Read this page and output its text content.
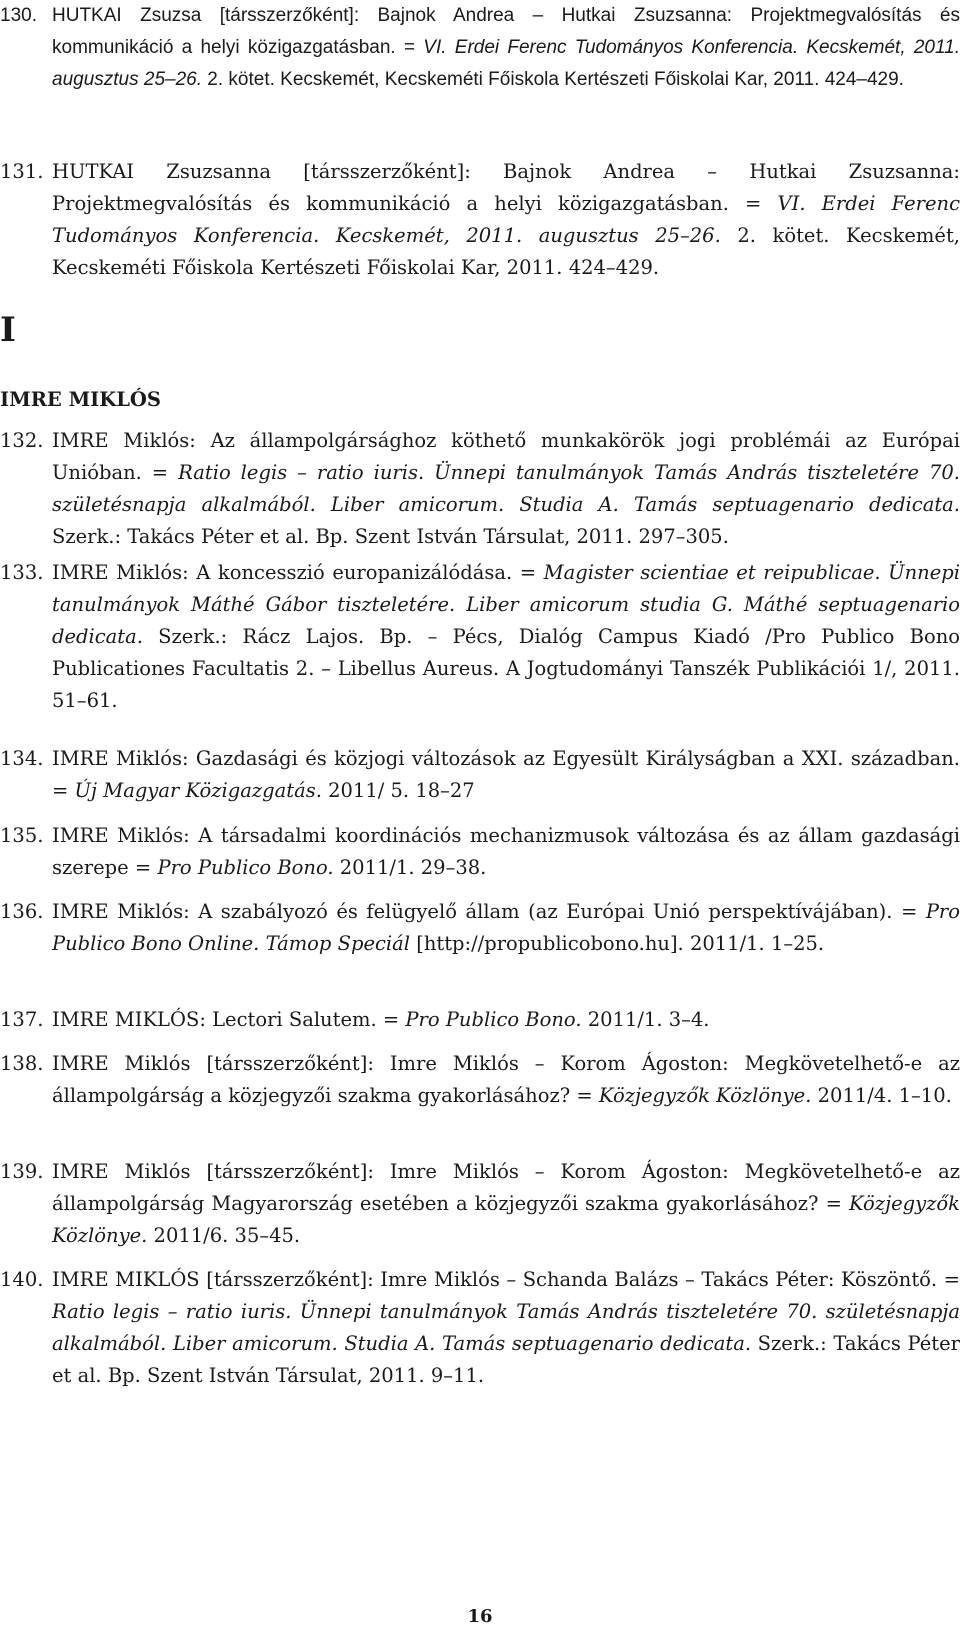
130. HUTKAI Zsuzsa [társszerzőként]: Bajnok Andrea – Hutkai Zsuzsanna: Projektmegvalósítás és kommunikáció a helyi közigazgatásban. = VI. Erdei Ferenc Tudományos Konferencia. Kecskemét, 2011. augusztus 25–26. 2. kötet. Kecskemét, Kecskeméti Főiskola Kertészeti Főiskolai Kar, 2011. 424–429.
131. HUTKAI Zsuzsanna [társszerzőként]: Bajnok Andrea – Hutkai Zsuzsanna: Projektmegvalósítás és kommunikáció a helyi közigazgatásban. = VI. Erdei Ferenc Tudományos Konferencia. Kecskemét, 2011. augusztus 25–26. 2. kötet. Kecskemét, Kecskeméti Főiskola Kertészeti Főiskolai Kar, 2011. 424–429.
I
IMRE MIKLÓS
132. IMRE Miklós: Az állampolgársághoz köthető munkakörök jogi problémái az Európai Unióban. = Ratio legis – ratio iuris. Ünnepi tanulmányok Tamás András tiszteletére 70. születésnapja alkalmából. Liber amicorum. Studia A. Tamás septuagenario dedicata. Szerk.: Takács Péter et al. Bp. Szent István Társulat, 2011. 297–305.
133. IMRE Miklós: A koncesszió europanizálódása. = Magister scientiae et reipublicae. Ünnepi tanulmányok Máthé Gábor tiszteletére. Liber amicorum studia G. Máthé septuagenario dedicata. Szerk.: Rácz Lajos. Bp. – Pécs, Dialóg Campus Kiadó /Pro Publico Bono Publicationes Facultatis 2. – Libellus Aureus. A Jogtudományi Tanszék Publikációi 1/, 2011. 51–61.
134. IMRE Miklós: Gazdasági és közjogi változások az Egyesült Királyságban a XXI. században. = Új Magyar Közigazgatás. 2011/ 5. 18–27
135. IMRE Miklós: A társadalmi koordinációs mechanizmusok változása és az állam gazdasági szerepe = Pro Publico Bono. 2011/1. 29–38.
136. IMRE Miklós: A szabályozó és felügyelő állam (az Európai Unió perspektívájában). = Pro Publico Bono Online. Támop Speciál [http://propublicobono.hu]. 2011/1. 1–25.
137. IMRE MIKLÓS: Lectori Salutem. = Pro Publico Bono. 2011/1. 3–4.
138. IMRE Miklós [társszerzőként]: Imre Miklós – Korom Ágoston: Megkövetelhető-e az állampolgárság a közjegyzői szakma gyakorlásához? = Közjegyzők Közlönye. 2011/4. 1–10.
139. IMRE Miklós [társszerzőként]: Imre Miklós – Korom Ágoston: Megkövetelhető-e az állampolgárság Magyarország esetében a közjegyzői szakma gyakorlásához? = Közjegyzők Közlönye. 2011/6. 35–45.
140. IMRE MIKLÓS [társszerzőként]: Imre Miklós – Schanda Balázs – Takács Péter: Köszöntő. = Ratio legis – ratio iuris. Ünnepi tanulmányok Tamás András tiszteletére 70. születésnapja alkalmából. Liber amicorum. Studia A. Tamás septuagenario dedicata. Szerk.: Takács Péter et al. Bp. Szent István Társulat, 2011. 9–11.
16
